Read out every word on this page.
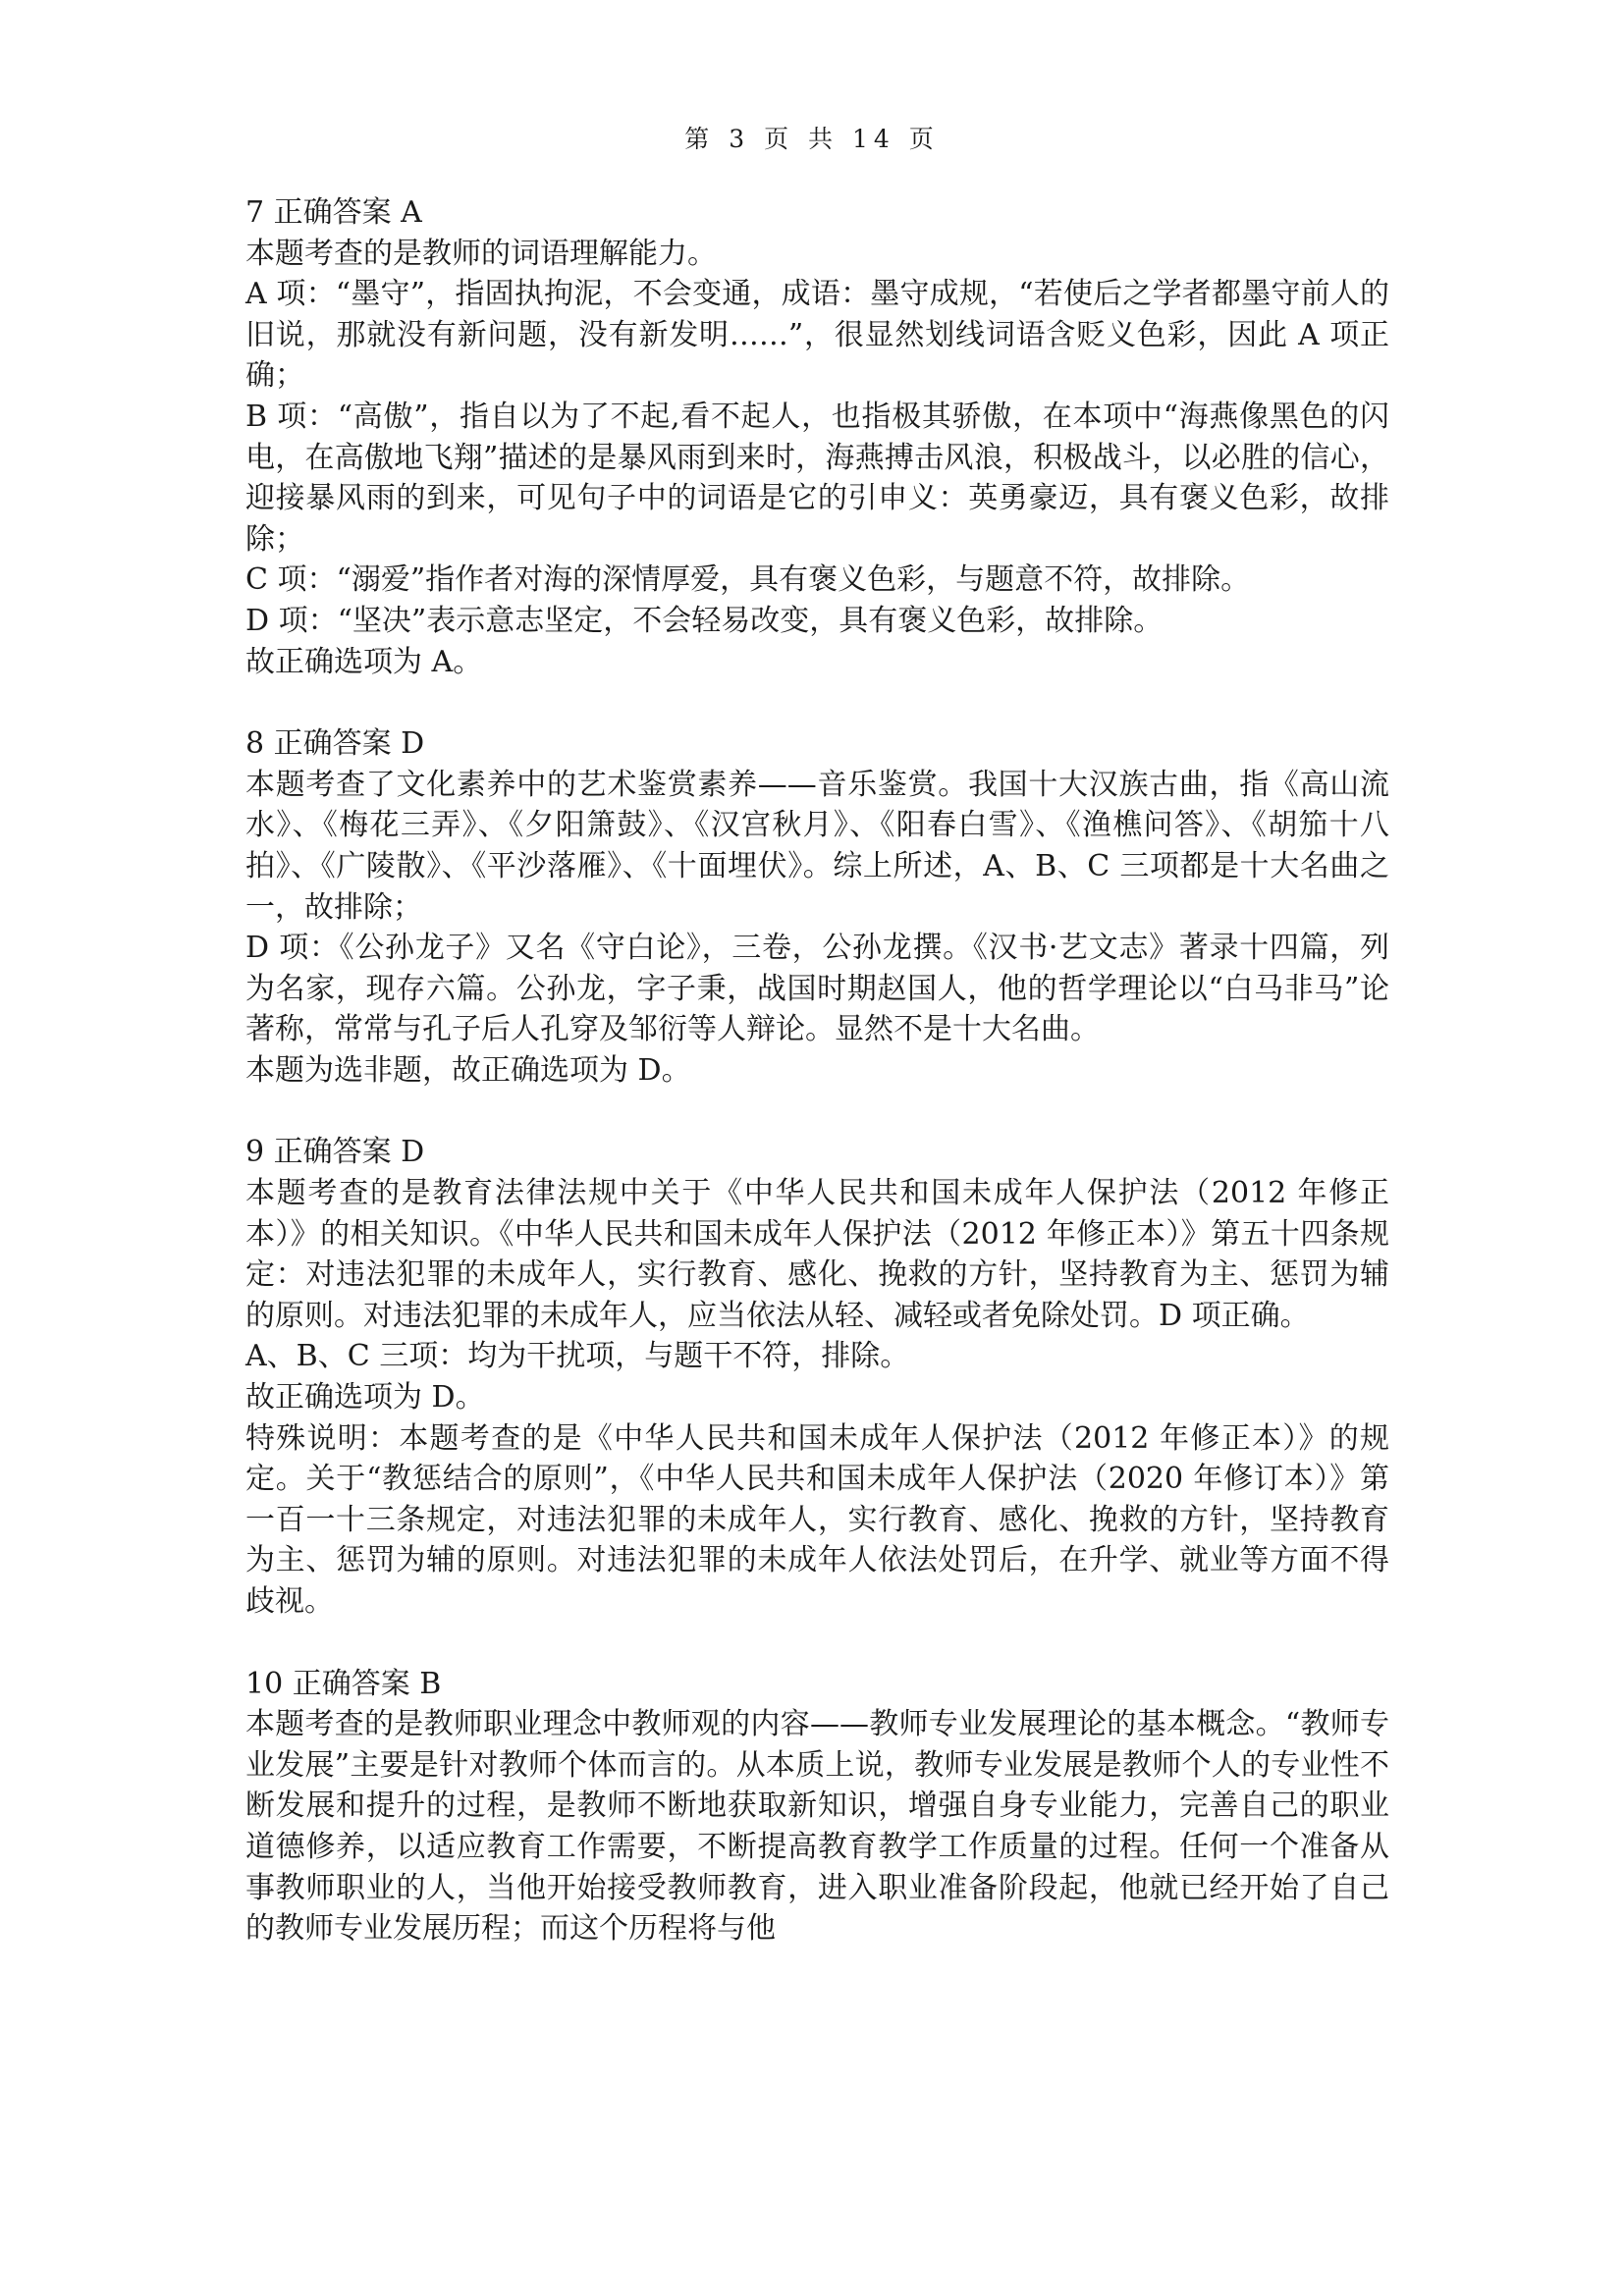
第 3 页 共 14 页

7 正确答案 A

本题考查的是教师的词语理解能力。

A 项：“墨守”，指固执拘泥，不会变通，成语：墨守成规，“若使后之学者都墨守前人的旧说，那就没有新问题，没有新发明……”，很显然划线词语含贬义色彩，因此 A 项正确；

B 项：“高傲”，指自以为了不起,看不起人，也指极其骄傲，在本项中“海燕像黑色的闪电，在高傲地飞翔”描述的是暴风雨到来时，海燕搏击风浪，积极战斗，以必胜的信心，迎接暴风雨的到来，可见句子中的词语是它的引申义：英勇豪迈，具有褒义色彩，故排除；

C 项：“溺爱”指作者对海的深情厚爱，具有褒义色彩，与题意不符，故排除。

D 项：“坚决”表示意志坚定，不会轻易改变，具有褒义色彩，故排除。

故正确选项为 A。

8 正确答案 D

本题考查了文化素养中的艺术鉴赏素养——音乐鉴赏。我国十大汉族古曲，指《高山流水》、《梅花三弄》、《夕阳箫鼓》、《汉宫秋月》、《阳春白雪》、《渔樵问答》、《胡笳十八拍》、《广陵散》、《平沙落雁》、《十面埋伏》。综上所述，A、B、C 三项都是十大名曲之一，故排除；

D 项：《公孙龙子》又名《守白论》，三卷，公孙龙撰。《汉书·艺文志》著录十四篇，列为名家，现存六篇。公孙龙，字子秉，战国时期赵国人，他的哲学理论以“白马非马”论著称，常常与孔子后人孔穿及邹衍等人辩论。显然不是十大名曲。

本题为选非题，故正确选项为 D。

9 正确答案 D

本题考查的是教育法律法规中关于《中华人民共和国未成年人保护法（2012 年修正本）》的相关知识。《中华人民共和国未成年人保护法（2012 年修正本）》第五十四条规定：对违法犯罪的未成年人，实行教育、感化、挽救的方针，坚持教育为主、惩罚为辅的原则。对违法犯罪的未成年人，应当依法从轻、减轻或者免除处罚。D 项正确。

A、B、C 三项：均为干扰项，与题干不符，排除。

故正确选项为 D。

特殊说明：本题考查的是《中华人民共和国未成年人保护法（2012 年修正本）》的规定。关于“教惩结合的原则”，《中华人民共和国未成年人保护法（2020 年修订本）》第一百一十三条规定，对违法犯罪的未成年人，实行教育、感化、挽救的方针，坚持教育为主、惩罚为辅的原则。对违法犯罪的未成年人依法处罚后，在升学、就业等方面不得歧视。

10 正确答案 B

本题考查的是教师职业理念中教师观的内容——教师专业发展理论的基本概念。“教师专业发展”主要是针对教师个体而言的。从本质上说，教师专业发展是教师个人的专业性不断发展和提升的过程，是教师不断地获取新知识，增强自身专业能力，完善自己的职业道德修养，以适应教育工作需要，不断提高教育教学工作质量的过程。任何一个准备从事教师职业的人，当他开始接受教师教育，进入职业准备阶段起，他就已经开始了自己的教师专业发展历程；而这个历程将与他
